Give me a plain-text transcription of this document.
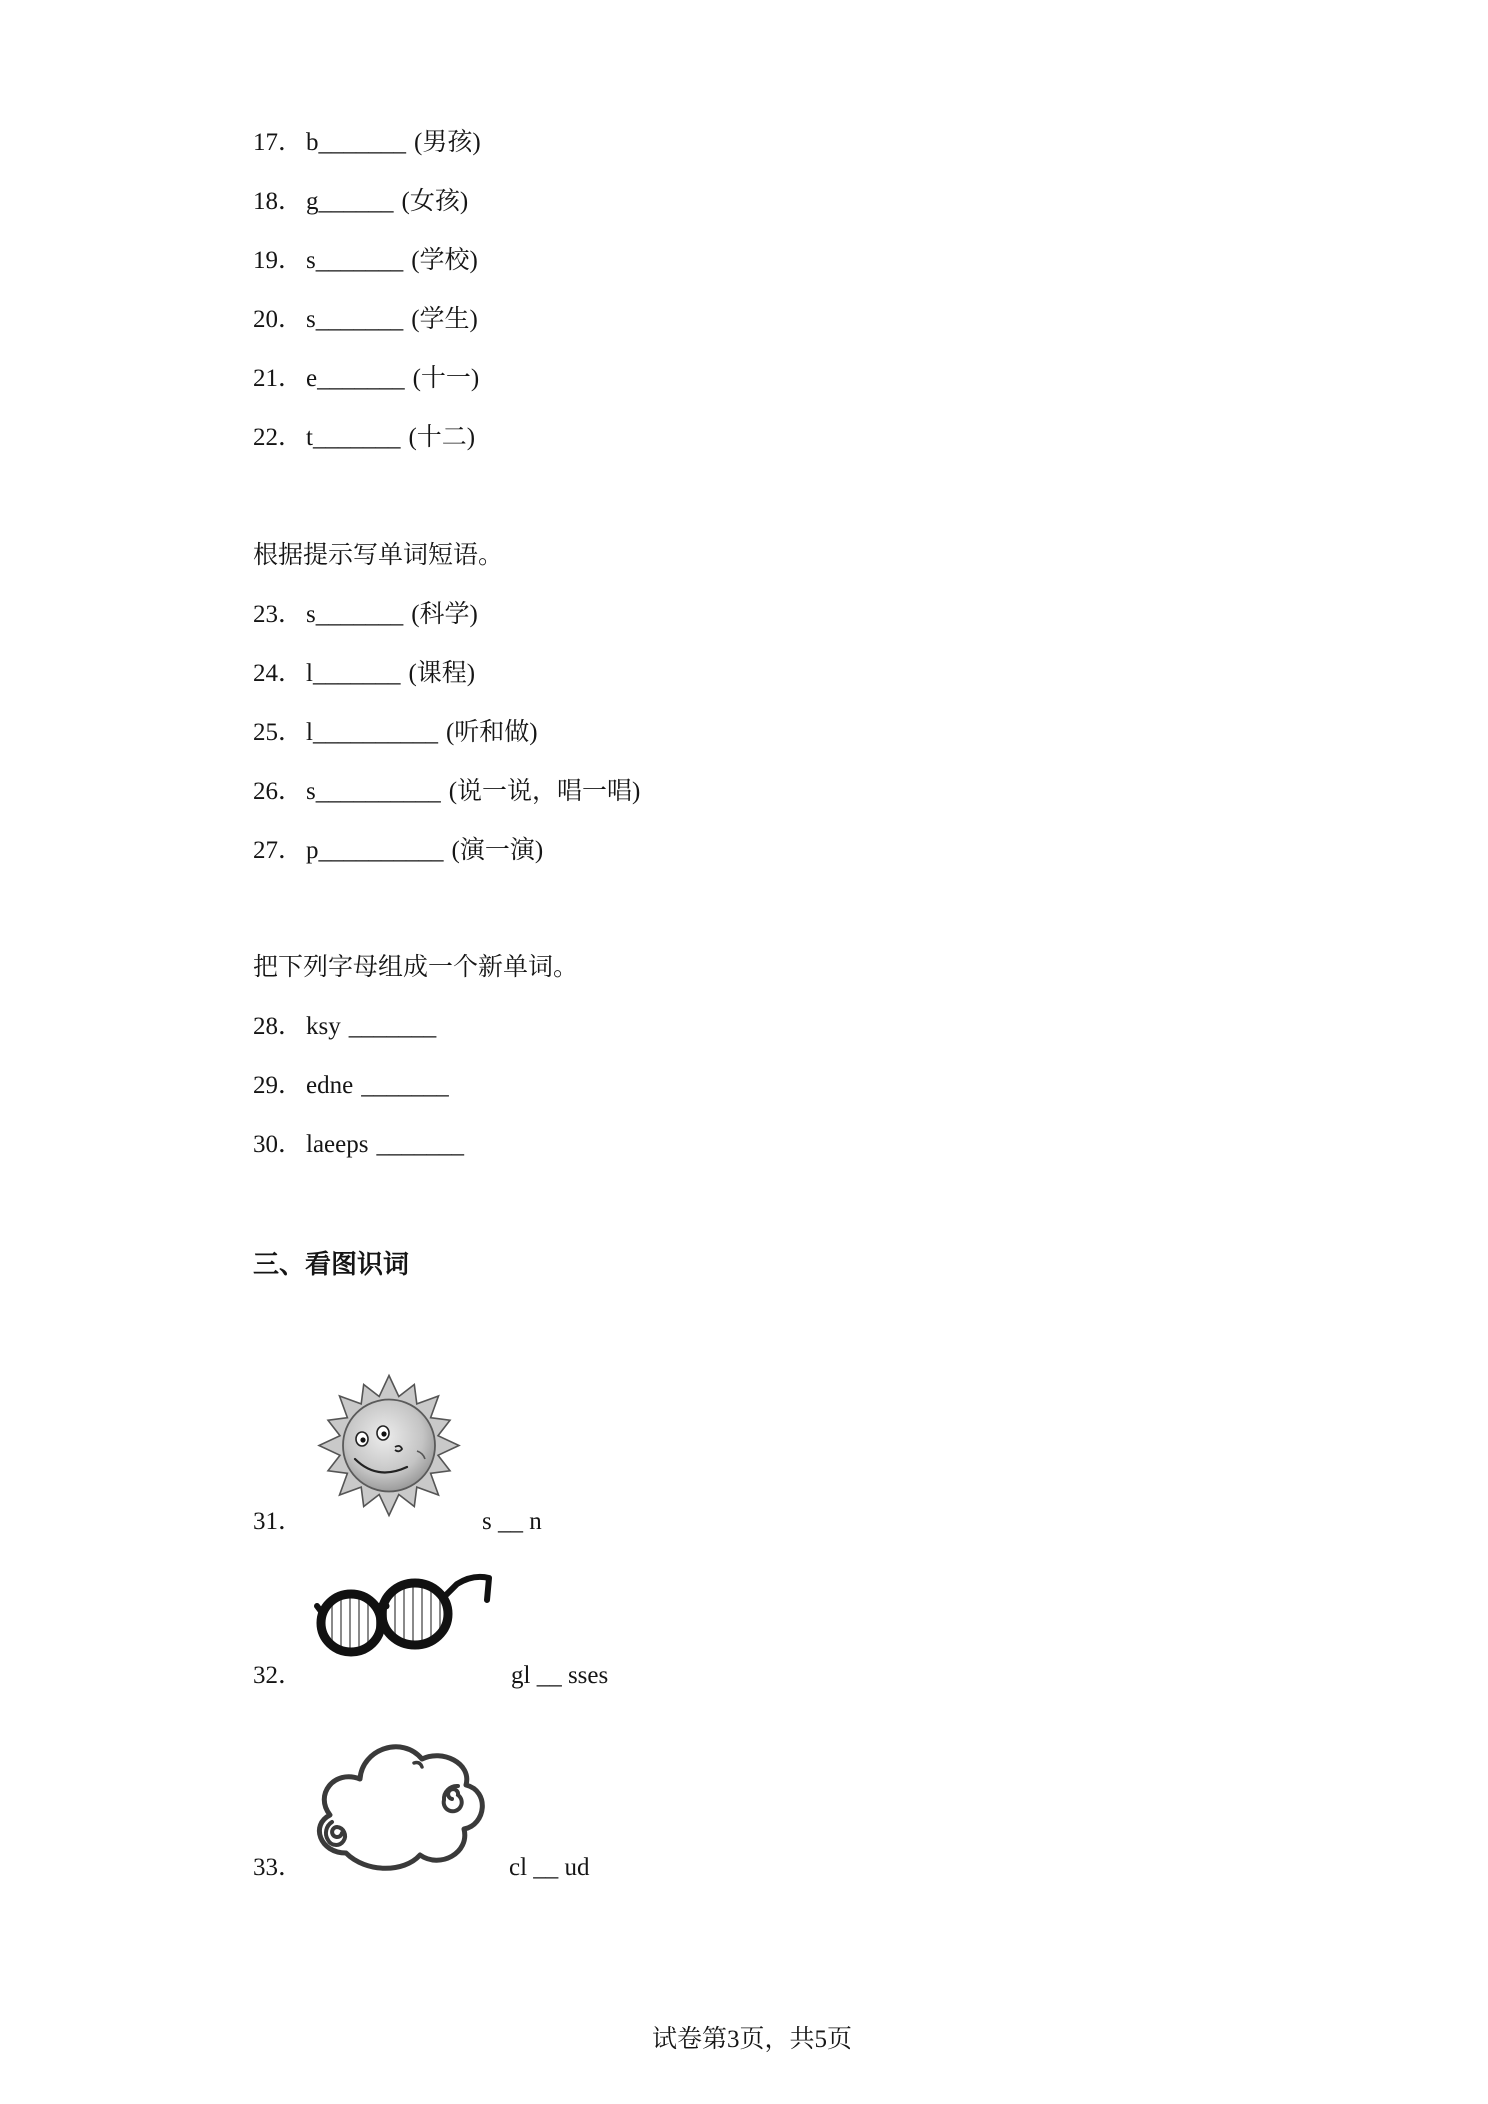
17． b_______ (男孩)
18． g______ (女孩)
19． s_______ (学校)
20． s_______ (学生)
21． e_______ (十一)
22． t_______ (十二)
根据提示写单词短语。
23． s_______ (科学)
24． l_______ (课程)
25． l__________ (听和做)
26． s__________ (说一说，唱一唱)
27． p__________ (演一演)
把下列字母组成一个新单词。
28． ksy _______
29． edne _______
30． laeeps _______
三、看图识词
31．	s __ n
32．	gl __ sses
33．	cl __ ud
试卷第3页，共5页
